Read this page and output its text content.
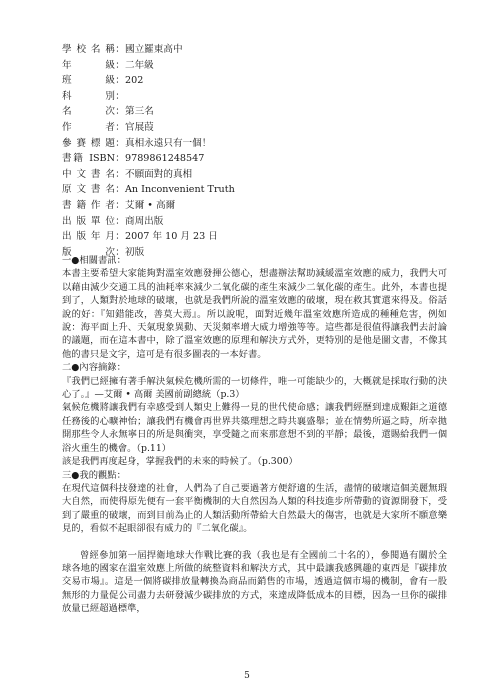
學校名稱 ： 國立羅東高中
年級 ： 二年級
班級 ： 202
科別 ：
名次 ： 第三名
作者 ： 官展葭
參賽標題 ： 真相永遠只有一個！
書籍 ISBN ： 9789861248547
中文書名 ： 不願面對的真相
原文書名 ： An Inconvenient Truth
書籍作者 ： 艾爾 • 高爾
出版單位 ： 商周出版
出版年月 ： 2007 年 10 月 23 日
版次 ： 初版

一●相關書訊：

本書主要希望大家能夠對溫室效應發揮公德心，想盡辦法幫助減緩溫室效應的威力，我們大可以藉由減少交通工具的油耗率來減少二氧化碳的產生來減少二氧化碳的產生。此外，本書也提到了，人類對於地球的破壞，也就是我們所說的溫室效應的破壞，現在救其實還來得及。俗話說的好：『知錯能改，善莫大焉』。所以說呢，面對近幾年溫室效應所造成的種種危害，例如說：海平面上升、天氣現象異動、天災頻率增大威力增強等等。這些都是很值得讓我們去討論的議題，而在這本書中，除了溫室效應的原理和解決方式外，更特別的是他是圖文書，不像其他的書只是文字，這可是有很多圖表的一本好書。

二●內容摘錄：

『我們已經擁有著手解決氣候危機所需的一切條件，唯一可能缺少的，大概就是採取行動的決心了。』—艾爾 • 高爾 美國前副總統（p.3）
氣候危機將讓我們有幸感受到人類史上難得一見的世代使命感；讓我們經歷到達成艱鉅之道德任務後的心曠神怡；讓我們有機會再世界共築理想之時共襄盛舉；並在情勢所逼之時，所幸拋開那些令人永無寧日的所是與衝突，享受隨之而來那意想不到的平靜；最後，還賜給我們一個浴火重生的機會。（p.11）
該是我們再度起身，掌握我們的未來的時候了。（p.300）

三●我的觀點：

在現代這個科技發達的社會，人們為了自己要過著方便舒適的生活，盡情的破壞這個美麗無瑕大自然，而使得原先便有一套平衡機制的大自然因為人類的科技進步所帶動的資源開發下，受到了嚴重的破壞，而到目前為止的人類活動所帶給大自然最大的傷害，也就是大家所不願意樂見的，看似不起眼卻很有威力的『二氧化碳』。

曾經參加第一屆捍衛地球大作戰比賽的我（我也是有全國前二十名的），參閱過有關於全球各地的國家在溫室效應上所做的統整資料和解決方式，其中最讓我感興趣的東西是『碳排放交易市場』。這是一個將碳排放量轉換為商品而銷售的市場，透過這個市場的機制，會有一股無形的力量促公司盡力去研發減少碳排放的方式，來達成降低成本的目標，因為一旦你的碳排放量已經超過標準，

5
